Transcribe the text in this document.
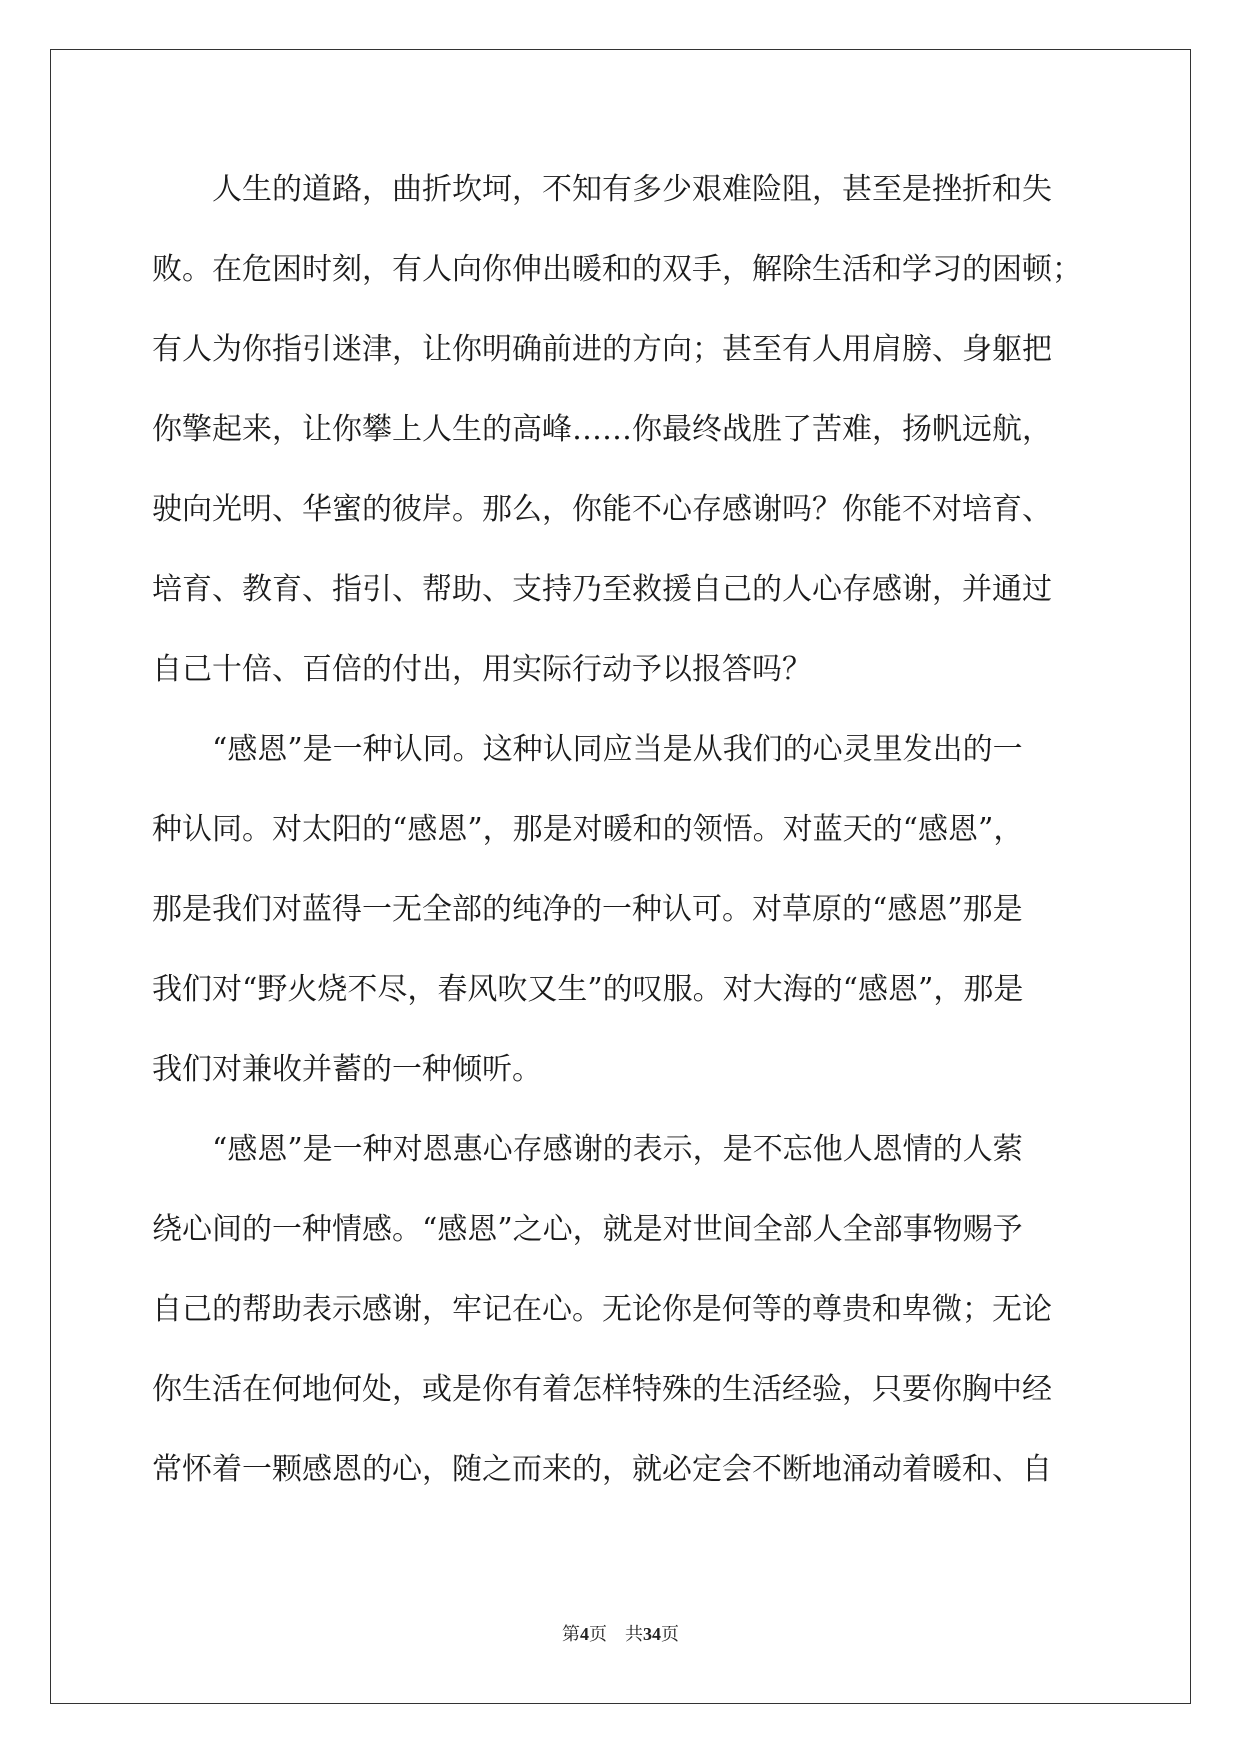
人生的道路，曲折坎坷，不知有多少艰难险阻，甚至是挫折和失
败。在危困时刻，有人向你伸出暖和的双手，解除生活和学习的困顿；
有人为你指引迷津，让你明确前进的方向；甚至有人用肩膀、身躯把
你擎起来，让你攀上人生的高峰……你最终战胜了苦难，扬帆远航，
驶向光明、华蜜的彼岸。那么，你能不心存感谢吗？你能不对培育、
培育、教育、指引、帮助、支持乃至救援自己的人心存感谢，并通过
自己十倍、百倍的付出，用实际行动予以报答吗？
“感恩”是一种认同。这种认同应当是从我们的心灵里发出的一
种认同。对太阳的“感恩”，那是对暖和的领悟。对蓝天的“感恩”，
那是我们对蓝得一无全部的纯净的一种认可。对草原的“感恩”那是
我们对“野火烧不尽，春风吹又生”的叹服。对大海的“感恩”，那是
我们对兼收并蓄的一种倾听。
“感恩”是一种对恩惠心存感谢的表示，是不忘他人恩情的人萦
绕心间的一种情感。“感恩”之心，就是对世间全部人全部事物赐予
自己的帮助表示感谢，牢记在心。无论你是何等的尊贵和卑微；无论
你生活在何地何处，或是你有着怎样特殊的生活经验，只要你胸中经
常怀着一颗感恩的心，随之而来的，就必定会不断地涌动着暖和、自
第4页 共34页
